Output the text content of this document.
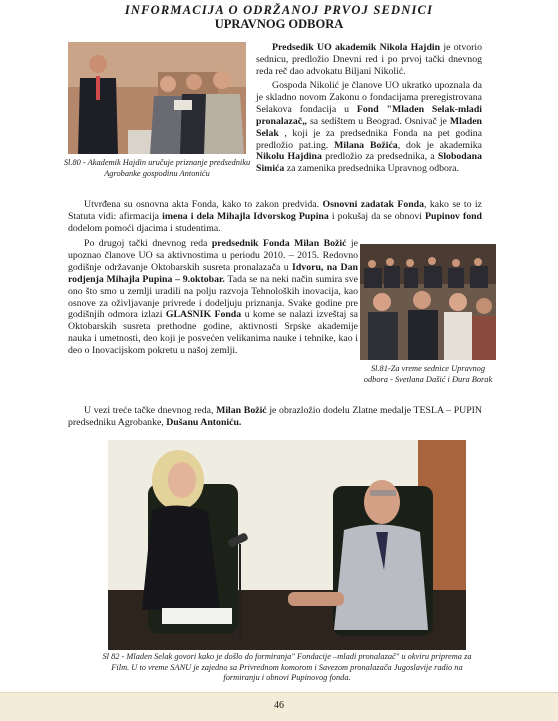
INFORMACIJA O ODRŽANOJ PRVOJ SEDNICI
UPRAVNOG ODBORA
Sl.80 - Akademik Hajdin uručuje priznanje predsedniku Agrobanke gospodinu Antoniću

Predsedik UO akademik Nikola Hajdin je otvorio sednicu, predložio Dnevni red i po prvoj tački dnevnog reda reč dao advokatu Biljani Nikolić.

Gospoda Nikolić je članove UO ukratko upoznala da je skladno novom Zakonu o fondacijama preregistrovana Selakova fondacija u Fond "Mladen Selak-mladi pronalazač„ sa sedištem u Beograd. Osnivač je Mladen Selak , koji je za predsednika Fonda na pet godina predložio pat.ing. Milana Božića, dok je akademika Nikolu Hajdina predložio za predsednika, a Slobodana Simića za zamenika predsednika Upravnog odbora.

Utvrđena su osnovna akta Fonda, kako to zakon predvida. Osnovni zadatak Fonda, kako se to iz Statuta vidi: afirmacija imena i dela Mihajla Idvorskog Pupina i pokušaj da se obnovi Pupinov fond dodelom pomoći djacima i studentima.

Po drugoj tački dnevnog reda predsednik Fonda Milan Božić je upoznao članove UO sa aktivnostima u periodu 2010. – 2015. Redovno godišnje održavanje Oktobarskih susreta pronalazača u Idvoru, na Dan rodjenja Mihajla Pupina – 9.oktobar. Tada se na neki način sumira sve ono što smo u zemlji uradili na polju razvoja Tehnoloških inovacija, kao osnove za oživljavanje privrede i dodeljuju priznanja. Svake godine pre godišnjih odmora izlazi GLASNIK Fonda u kome se nalazi izveštaj sa Oktobarskih susreta prethodne godine, aktivnosti Srpske akademije nauka i umetnosti, deo koji je posvećen velikanima nauke i tehnike, kao i deo o Inovacijskom pokretu u našoj zemlji.

Sl.81-Za vreme sednice Upravnog odbora - Svetlana Dašić i Đura Borak

U vezi treće tačke dnevnog reda, Milan Božić je obrazložio dodelu Zlatne medalje TESLA – PUPIN predsedniku Agrobanke, Dušanu Antoniću.

Sl 82 - Mladen Selak govori kako je došlo do formiranja" Fondacije –mladi pronalazač" u okviru priprema za Film. U to vreme SANU je zajedno sa Privrednom komorom i Savezom pronalazača Jugoslavije radio na formiranju i obnovi Pupinovog fonda.
46
